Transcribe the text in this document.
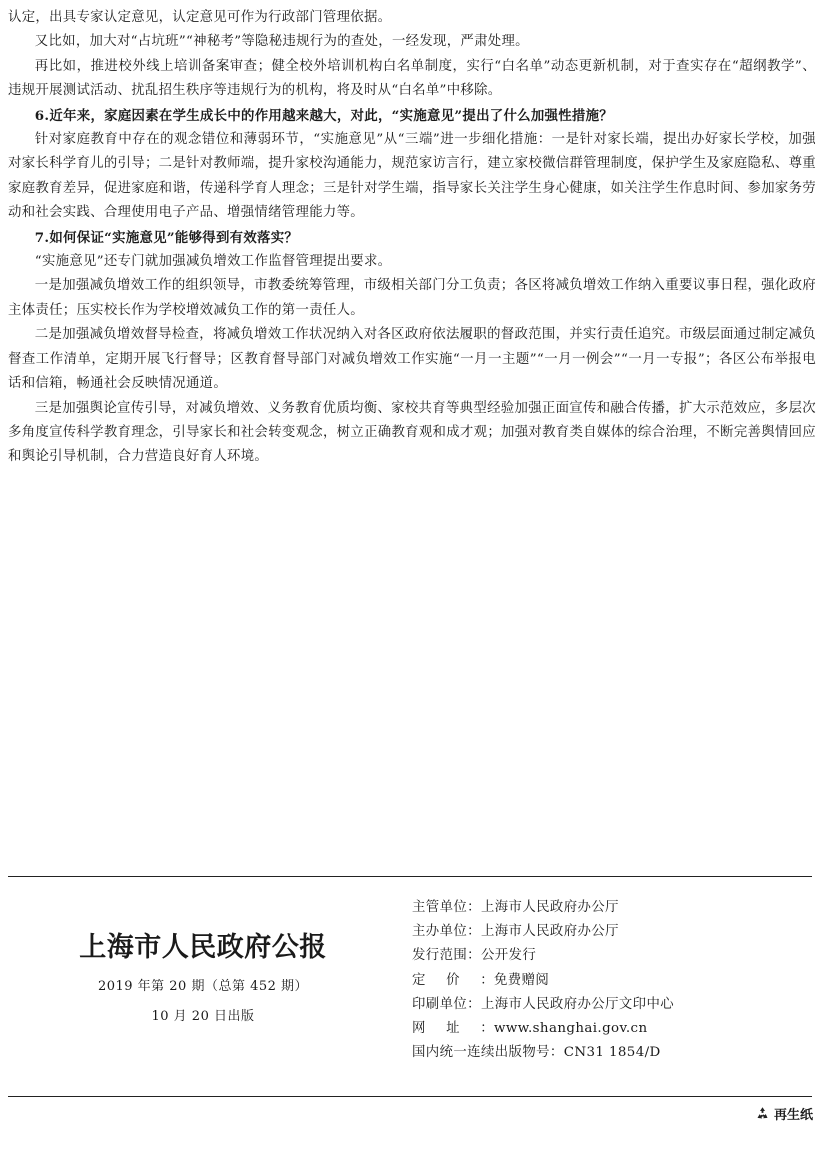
认定，出具专家认定意见，认定意见可作为行政部门管理依据。

又比如，加大对“占坑班”“神秘考”等隐秘违规行为的查处，一经发现，严肃处理。

再比如，推进校外线上培训备案审查；健全校外培训机构白名单制度，实行“白名单”动态更新机制，对于查实存在“超纲教学”、违规开展测试活动、扰乱招生秩序等违规行为的机构，将及时从“白名单”中移除。

6.近年来，家庭因素在学生成长中的作用越来越大，对此，“实施意见”提出了什么加强性措施？

针对家庭教育中存在的观念错位和薄弱环节，“实施意见”从“三端”进一步细化措施：一是针对家长端，提出办好家长学校，加强对家长科学育儿的引导；二是针对教师端，提升家校沟通能力，规范家访言行，建立家校微信群管理制度，保护学生及家庭隐私、尊重家庭教育差异，促进家庭和谐，传递科学育人理念；三是针对学生端，指导家长关注学生身心健康，如关注学生作息时间、参加家务劳动和社会实践、合理使用电子产品、增强情绪管理能力等。

7.如何保证“实施意见”能够得到有效落实？

“实施意见”还专门就加强减负增效工作监督管理提出要求。

一是加强减负增效工作的组织领导，市教委统筹管理，市级相关部门分工负责；各区将减负增效工作纳入重要议事日程，强化政府主体责任；压实校长作为学校增效减负工作的第一责任人。

二是加强减负增效督导检查，将减负增效工作状况纳入对各区政府依法履职的督政范围，并实行责任追究。市级层面通过制定减负督查工作清单，定期开展飞行督导；区教育督导部门对减负增效工作实施“一月一主题”“一月一例会”“一月一专报”；各区公布举报电话和信箱，畅通社会反映情况通道。

三是加强舆论宣传引导，对减负增效、义务教育优质均衡、家校共育等典型经验加强正面宣传和融合传播，扩大示范效应，多层次多角度宣传科学教育理念，引导家长和社会转变观念，树立正确教育观和成才观；加强对教育类自媒体的综合治理，不断完善舆情回应和舆论引导机制，合力营造良好育人环境。

上海市人民政府公报
2019 年第 20 期（总第 452 期）
10 月 20 日出版
主管单位：上海市人民政府办公厅
主办单位：上海市人民政府办公厅
发行范围：公开发行
定价：免费赠阅
印刷单位：上海市人民政府办公厅文印中心
网址：www.shanghai.gov.cn
国内统一连续出版物号：CN31 1854/D
再生纸
